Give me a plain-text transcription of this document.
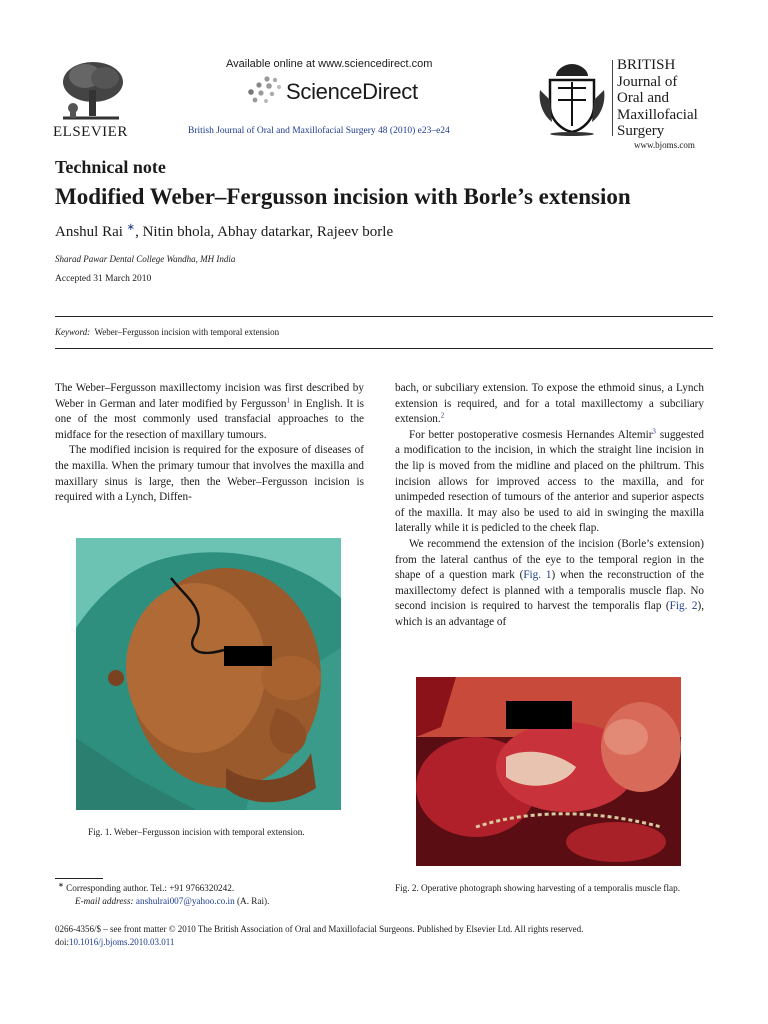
ELSEVIER
Available online at www.sciencedirect.com
ScienceDirect
British Journal of Oral and Maxillofacial Surgery 48 (2010) e23–e24
BRITISH
Journal of
Oral and
Maxillofacial
Surgery
www.bjoms.com
Technical note
Modified Weber–Fergusson incision with Borle’s extension
Anshul Rai ∗, Nitin bhola, Abhay datarkar, Rajeev borle
Sharad Pawar Dental College Wandha, MH India
Accepted 31 March 2010
Keyword: Weber–Fergusson incision with temporal extension

The Weber–Fergusson maxillectomy incision was first described by Weber in German and later modified by Fergusson$^1$ in English. It is one of the most commonly used transfacial approaches to the midface for the resection of maxillary tumours.

The modified incision is required for the exposure of diseases of the maxilla. When the primary tumour that involves the maxilla and maxillary sinus is large, then the Weber–Fergusson incision is required with a Lynch, Diffen-

Fig. 1. Weber–Fergusson incision with temporal extension.

bach, or subciliary extension. To expose the ethmoid sinus, a Lynch extension is required, and for a total maxillectomy a subciliary extension.$^2$

For better postoperative cosmesis Hernandes Altemir$^3$ suggested a modification to the incision, in which the straight line incision in the lip is moved from the midline and placed on the philtrum. This incision allows for improved access to the maxilla, and for unimpeded resection of tumours of the anterior and superior aspects of the maxilla. It may also be used to aid in swinging the maxilla laterally while it is pedicled to the cheek flap.

We recommend the extension of the incision (Borle’s extension) from the lateral canthus of the eye to the temporal region in the shape of a question mark (Fig. 1) when the reconstruction of the maxillectomy defect is planned with a temporalis muscle flap. No second incision is required to harvest the temporalis flap (Fig. 2), which is an advantage of

Fig. 2. Operative photograph showing harvesting of a temporalis muscle flap.
∗ Corresponding author. Tel.: +91 9766320242.
E-mail address: anshulrai007@yahoo.co.in (A. Rai).
0266-4356/$ – see front matter © 2010 The British Association of Oral and Maxillofacial Surgeons. Published by Elsevier Ltd. All rights reserved.
doi:10.1016/j.bjoms.2010.03.011
